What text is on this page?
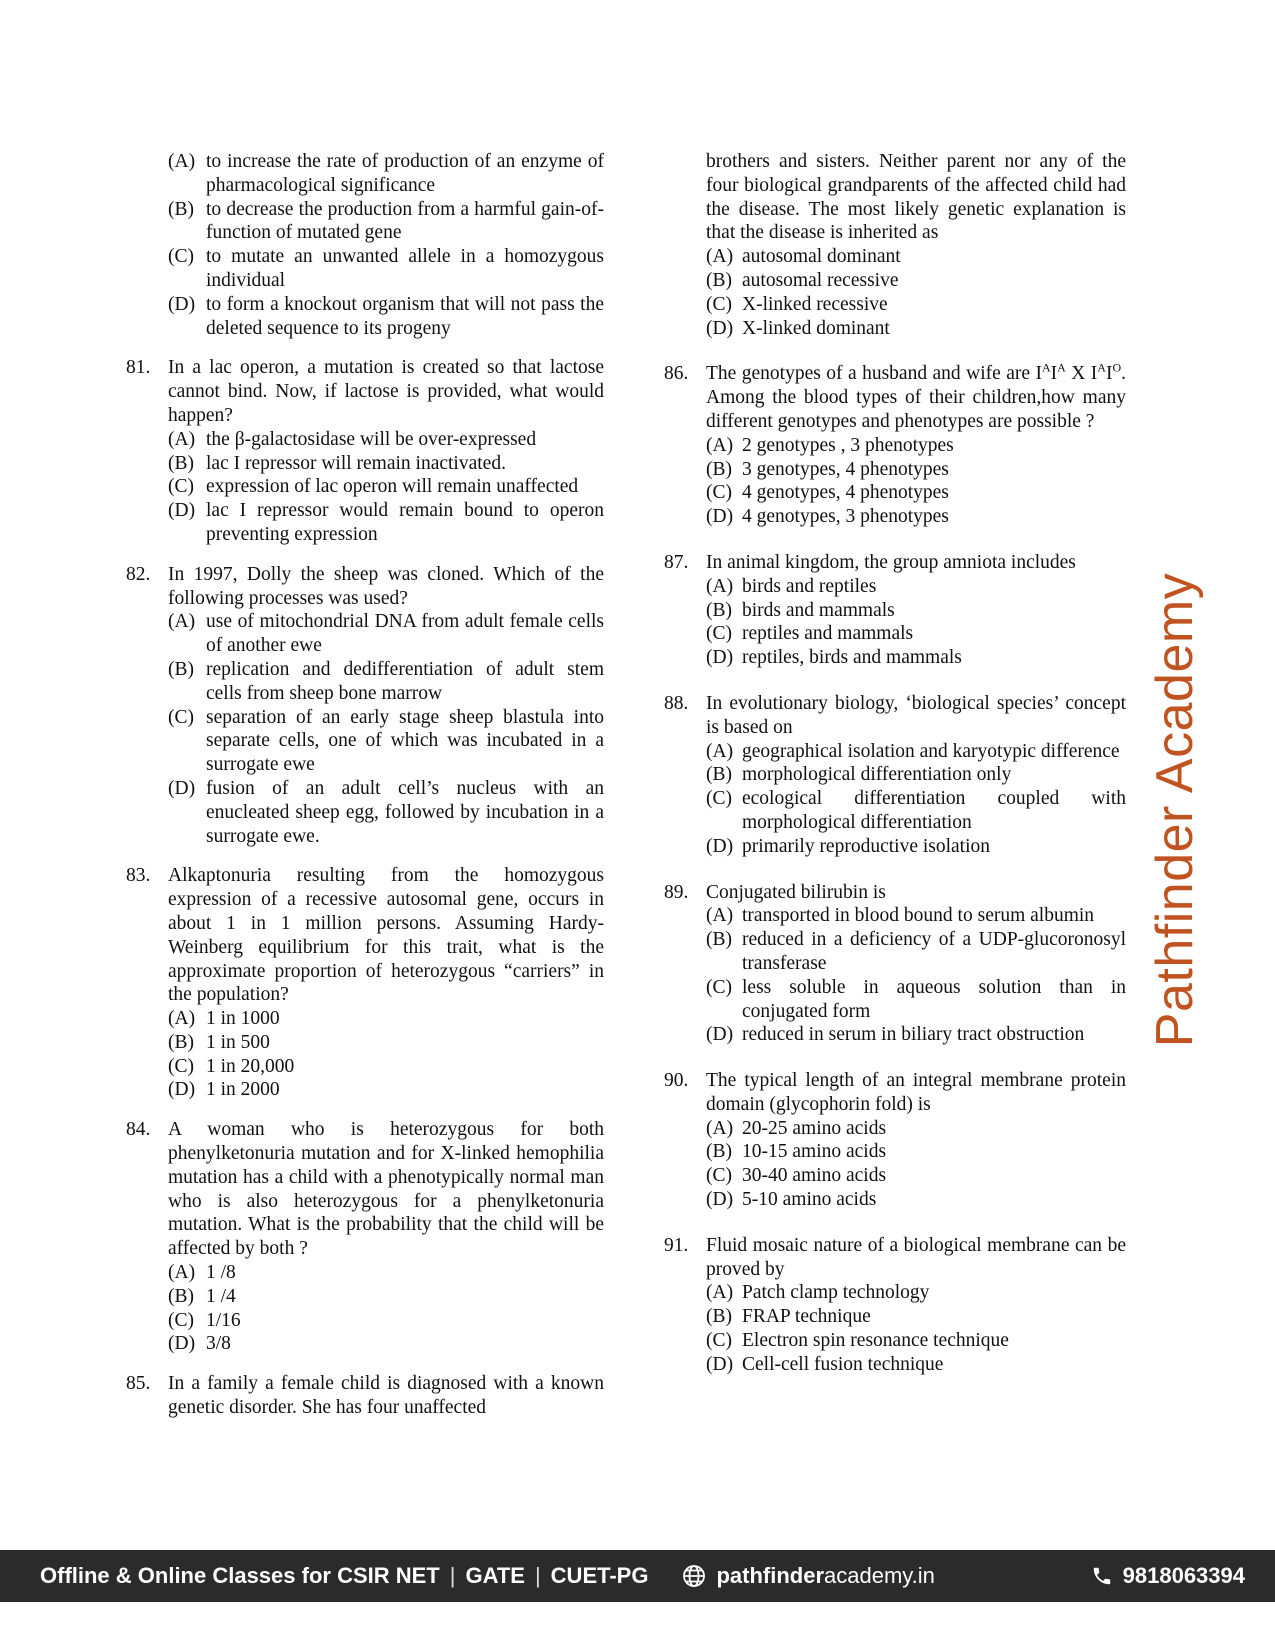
(A) to increase the rate of production of an enzyme of pharmacological significance
(B) to decrease the production from a harmful gain-of-function of mutated gene
(C) to mutate an unwanted allele in a homozygous individual
(D) to form a knockout organism that will not pass the deleted sequence to its progeny
81. In a lac operon, a mutation is created so that lactose cannot bind. Now, if lactose is provided, what would happen?
(A) the β-galactosidase will be over-expressed
(B) lac I repressor will remain inactivated.
(C) expression of lac operon will remain unaffected
(D) lac I repressor would remain bound to operon preventing expression
82. In 1997, Dolly the sheep was cloned. Which of the following processes was used?
(A) use of mitochondrial DNA from adult female cells of another ewe
(B) replication and dedifferentiation of adult stem cells from sheep bone marrow
(C) separation of an early stage sheep blastula into separate cells, one of which was incubated in a surrogate ewe
(D) fusion of an adult cell’s nucleus with an enucleated sheep egg, followed by incubation in a surrogate ewe.
83. Alkaptonuria resulting from the homozygous expression of a recessive autosomal gene, occurs in about 1 in 1 million persons. Assuming Hardy-Weinberg equilibrium for this trait, what is the approximate proportion of heterozygous “carriers” in the population?
(A) 1 in 1000
(B) 1 in 500
(C) 1 in 20,000
(D) 1 in 2000
84. A woman who is heterozygous for both phenylketonuria mutation and for X-linked hemophilia mutation has a child with a phenotypically normal man who is also heterozygous for a phenylketonuria mutation. What is the probability that the child will be affected by both ?
(A) 1 /8
(B) 1 /4
(C) 1/16
(D) 3/8
85. In a family a female child is diagnosed with a known genetic disorder. She has four unaffected
brothers and sisters. Neither parent nor any of the four biological grandparents of the affected child had the disease. The most likely genetic explanation is that the disease is inherited as
(A) autosomal dominant
(B) autosomal recessive
(C) X-linked recessive
(D) X-linked dominant
86. The genotypes of a husband and wife are $I^AI^A$ X $I^AI^O$. Among the blood types of their children,how many different genotypes and phenotypes are possible ?
(A) 2 genotypes , 3 phenotypes
(B) 3 genotypes, 4 phenotypes
(C) 4 genotypes, 4 phenotypes
(D) 4 genotypes, 3 phenotypes
87. In animal kingdom, the group amniota includes
(A) birds and reptiles
(B) birds and mammals
(C) reptiles and mammals
(D) reptiles, birds and mammals
88. In evolutionary biology, ‘biological species’ concept is based on
(A) geographical isolation and karyotypic difference
(B) morphological differentiation only
(C) ecological differentiation coupled with morphological differentiation
(D) primarily reproductive isolation
89. Conjugated bilirubin is
(A) transported in blood bound to serum albumin
(B) reduced in a deficiency of a UDP-glucoronosyl transferase
(C) less soluble in aqueous solution than in conjugated form
(D) reduced in serum in biliary tract obstruction
90. The typical length of an integral membrane protein domain (glycophorin fold) is
(A) 20-25 amino acids
(B) 10-15 amino acids
(C) 30-40 amino acids
(D) 5-10 amino acids
91. Fluid mosaic nature of a biological membrane can be proved by
(A) Patch clamp technology
(B) FRAP technique
(C) Electron spin resonance technique
(D) Cell-cell fusion technique
Pathfinder Academy
Offline & Online Classes for CSIR NET | GATE | CUET-PG	pathfinder academy.in	9818063394
